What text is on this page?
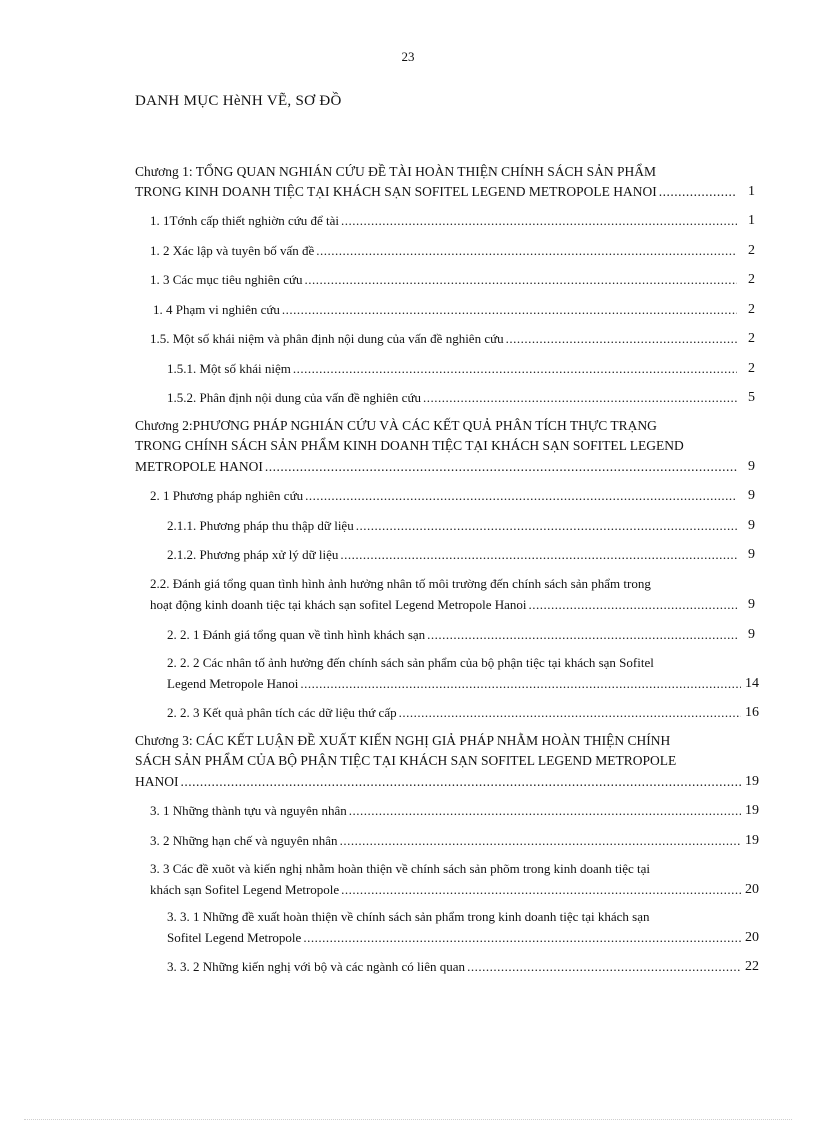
23
DANH MỤC HèNH VẼ, SƠ ĐỒ
Chương 1: TỔNG QUAN NGHIÁN CỨU ĐỀ TÀI HOÀN THIỆN CHÍNH SÁCH SẢN PHẨM
TRONG KINH DOANH TIỆC TẠI KHÁCH SẠN SOFITEL LEGEND METROPOLE HANOI .....	1
1. 1Tớnh cấp thiết nghiờn cứu để tài .....	1
1. 2 Xác lập và tuyên bố vấn đề .....	2
1. 3 Các mục tiêu nghiên cứu .....	2
1. 4 Phạm vi nghiên cứu .....	2
1.5. Một số khái niệm và phân định nội dung của vấn đề nghiên cứu .....	2
1.5.1. Một số khái niệm .....	2
1.5.2. Phân định nội dung của vấn đề nghiên cứu .....	5
Chương 2:PHƯƠNG PHÁP NGHIÁN CỨU VÀ CÁC KẾT QUẢ PHÂN TÍCH THỰC TRẠNG
TRONG CHÍNH SÁCH SẢN PHẨM KINH DOANH TIỆC TẠI KHÁCH SẠN SOFITEL LEGEND
METROPOLE HANOI .....	9
2. 1 Phương pháp nghiên cứu .....	9
2.1.1. Phương pháp thu thập dữ liệu .....	9
2.1.2. Phương pháp xử lý dữ liệu .....	9
2.2. Đánh giá tổng quan tình hình ảnh hưởng nhân tố môi trường đến chính sách sản phẩm trong
hoạt động kinh doanh tiệc tại khách sạn sofitel Legend Metropole Hanoi .....	9
2. 2. 1 Đánh giá tổng quan về tình hình khách sạn .....	9
2. 2. 2 Các nhân tố ảnh hưởng đến chính sách sản phẩm của bộ phận tiệc tại khách sạn Sofitel
Legend Metropole Hanoi .....	14
2. 2. 3 Kết quả phân tích các dữ liệu thứ cấp .....	16
Chương 3: CÁC KẾT LUẬN ĐỀ XUẤT KIẾN NGHỊ GIẢ PHÁP NHẰM HOÀN THIỆN CHÍNH
SÁCH SẢN PHẨM CỦA BỘ PHẬN TIỆC TẠI KHÁCH SẠN SOFITEL LEGEND METROPOLE
HANOI .....	19
3. 1 Những thành tựu và nguyên nhân .....	19
3. 2 Những hạn chế và nguyên nhân .....	19
3. 3 Các đề xuõt và kiến nghị nhằm hoàn thiện về chính sách sản phõm trong kinh doanh tiệc tại
khách sạn Sofitel Legend Metropole .....	20
3. 3. 1 Những đề xuất hoàn thiện về chính sách sản phẩm trong kinh doanh tiệc tại khách sạn
Sofitel Legend Metropole .....	20
3. 3. 2 Những kiến nghị với bộ và các ngành có liên quan .....	22
